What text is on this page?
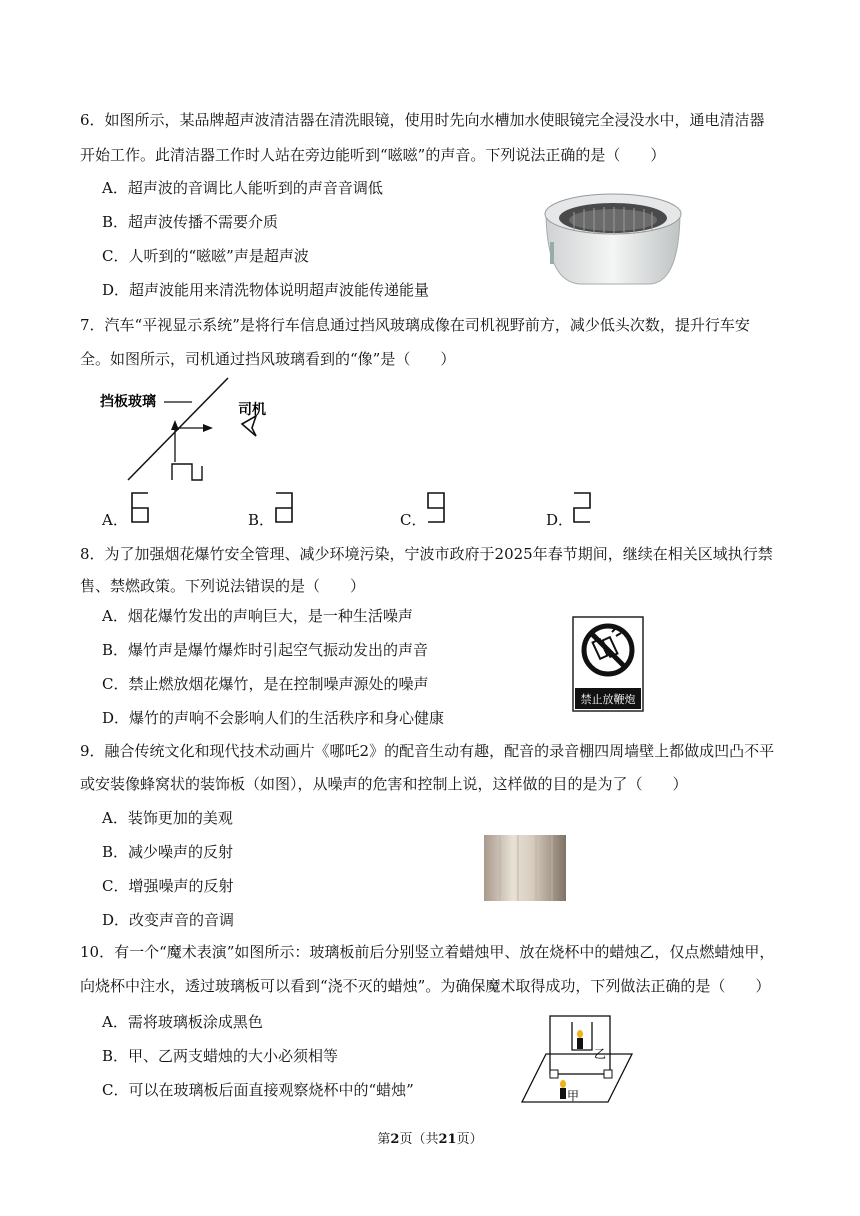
6．如图所示，某品牌超声波清洁器在清洗眼镜，使用时先向水槽加水使眼镜完全浸没水中，通电清洁器
开始工作。此清洁器工作时人站在旁边能听到“嗞嗞”的声音。下列说法正确的是（　　）
A．超声波的音调比人能听到的声音音调低
B．超声波传播不需要介质
C．人听到的“嗞嗞”声是超声波
D．超声波能用来清洗物体说明超声波能传递能量
7．汽车“平视显示系统”是将行车信息通过挡风玻璃成像在司机视野前方，减少低头次数，提升行车安
全。如图所示，司机通过挡风玻璃看到的“像”是（　　）
挡板玻璃	司机
A．	B．	C．	D．
8．为了加强烟花爆竹安全管理、减少环境污染，宁波市政府于2025年春节期间，继续在相关区域执行禁
售、禁燃政策。下列说法错误的是（　　）
A．烟花爆竹发出的声响巨大，是一种生活噪声
B．爆竹声是爆竹爆炸时引起空气振动发出的声音
C．禁止燃放烟花爆竹，是在控制噪声源处的噪声
D．爆竹的声响不会影响人们的生活秩序和身心健康
禁止放鞭炮
9．融合传统文化和现代技术动画片《哪吒2》的配音生动有趣，配音的录音棚四周墙壁上都做成凹凸不平
或安装像蜂窝状的装饰板（如图），从噪声的危害和控制上说，这样做的目的是为了（　　）
A．装饰更加的美观
B．减少噪声的反射
C．增强噪声的反射
D．改变声音的音调
10．有一个“魔术表演”如图所示：玻璃板前后分别竖立着蜡烛甲、放在烧杯中的蜡烛乙，仅点燃蜡烛甲，
向烧杯中注水，透过玻璃板可以看到“浇不灭的蜡烛”。为确保魔术取得成功，下列做法正确的是（　　）
A．需将玻璃板涂成黑色
B．甲、乙两支蜡烛的大小必须相等
C．可以在玻璃板后面直接观察烧杯中的“蜡烛”
乙
甲
第2页（共21页）
